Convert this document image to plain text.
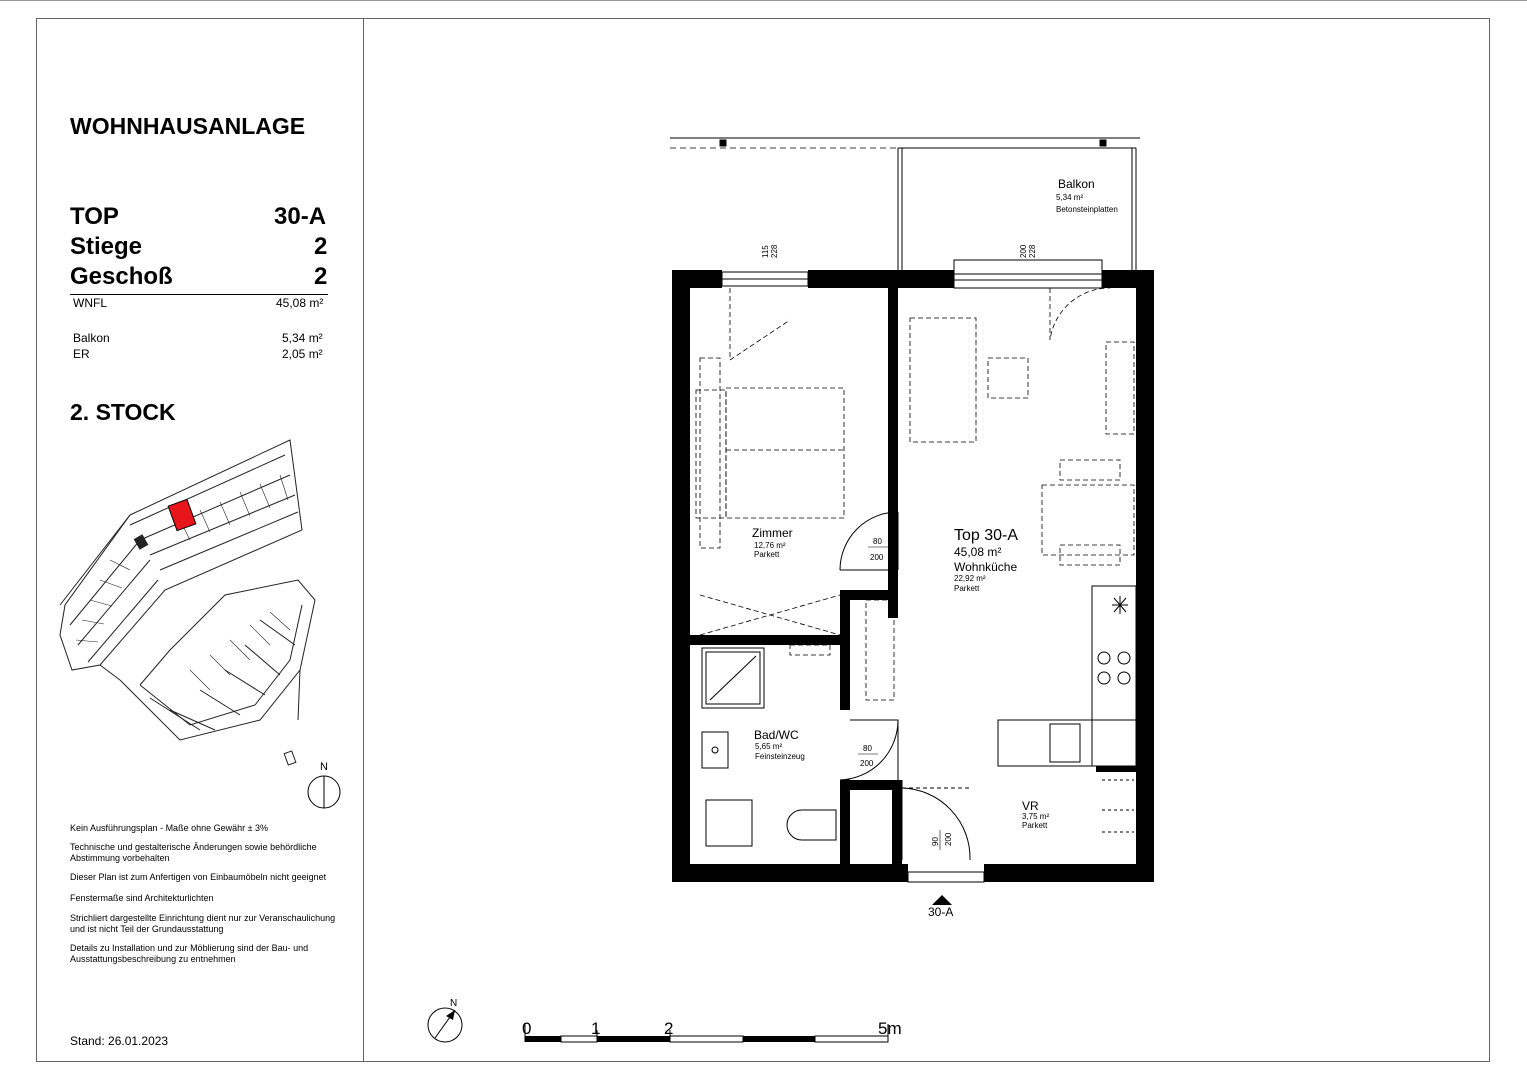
WOHNHAUSANLAGE
TOP	30-A
Stiege	2
Geschoß	2
WNFL	45,08 m²
Balkon	5,34 m²
ER	2,05 m²
2. STOCK
N
Kein Ausführungsplan - Maße ohne Gewähr ± 3%
Technische und gestalterische Änderungen sowie behördliche Abstimmung vorbehalten
Dieser Plan ist zum Anfertigen von Einbaumöbeln nicht geeignet
Fenstermaße sind Architekturlichten
Strichliert dargestellte Einrichtung dient nur zur Veranschaulichung und ist nicht Teil der Grundausstattung
Details zu Installation und zur Möblierung sind der Bau- und Ausstattungsbeschreibung zu entnehmen
Stand: 26.01.2023
Balkon
5,34 m²
Betonsteinplatten
Zimmer
12,76 m²
Parkett
Top 30-A
45,08 m²
Wohnküche
22,92 m²
Parkett
Bad/WC
5,65 m²
Feinsteinzeug
VR
3,75 m²
Parkett
115 228	200 228
80
200
80
200
90 200
30-A
N
0	1	2	5m
